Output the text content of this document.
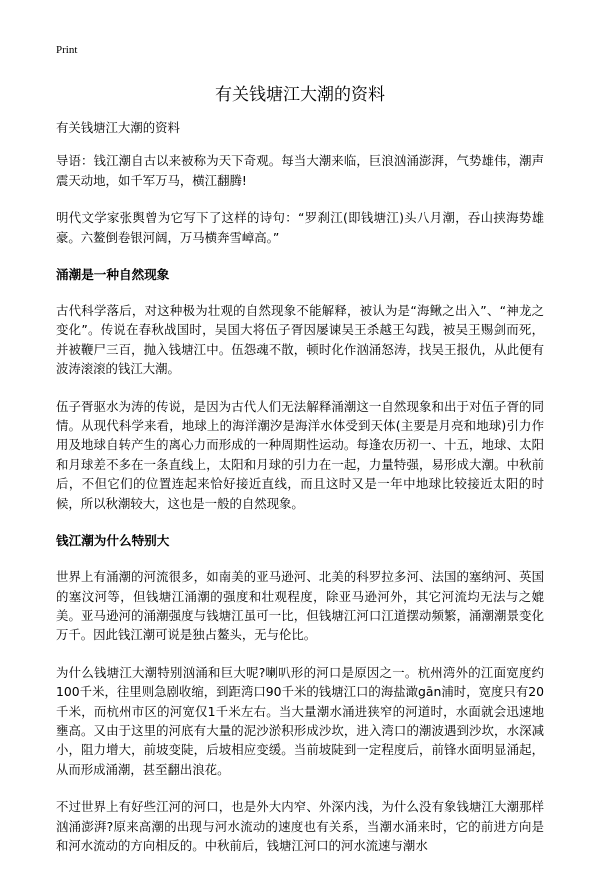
Print
有关钱塘江大潮的资料

有关钱塘江大潮的资料

导语：钱江潮自古以来被称为天下奇观。每当大潮来临，巨浪汹涌澎湃，气势雄伟，潮声震天动地，如千军万马，横江翻腾!

明代文学家张舆曾为它写下了这样的诗句：“罗刹江(即钱塘江)头八月潮，吞山挟海势雄豪。六鳌倒卷银河阔，万马横奔雪嶂高。”

涌潮是一种自然现象

古代科学落后，对这种极为壮观的自然现象不能解释，被认为是“海鳅之出入”、“神龙之变化”。传说在春秋战国时，吴国大将伍子胥因屡谏吴王杀越王勾践，被吴王赐剑而死，并被鞭尸三百，抛入钱塘江中。伍怨魂不散，顿时化作汹涌怒涛，找吴王报仇，从此便有波涛滚滚的钱江大潮。

伍子胥驱水为涛的传说，是因为古代人们无法解释涌潮这一自然现象和出于对伍子胥的同情。从现代科学来看，地球上的海洋潮汐是海洋水体受到天体(主要是月亮和地球)引力作用及地球自转产生的离心力而形成的一种周期性运动。每逢农历初一、十五，地球、太阳和月球差不多在一条直线上，太阳和月球的引力在一起，力量特强，易形成大潮。中秋前后，不但它们的位置连起来恰好接近直线，而且这时又是一年中地球比较接近太阳的时候，所以秋潮较大，这也是一般的自然现象。

钱江潮为什么特别大

世界上有涌潮的河流很多，如南美的亚马逊河、北美的科罗拉多河、法国的塞纳河、英国的塞汶河等，但钱塘江涌潮的强度和壮观程度，除亚马逊河外，其它河流均无法与之媲美。亚马逊河的涌潮强度与钱塘江虽可一比，但钱塘江河口江道摆动频繁，涌潮潮景变化万千。因此钱江潮可说是独占鳌头，无与伦比。

为什么钱塘江大潮特别汹涌和巨大呢?喇叭形的河口是原因之一。杭州湾外的江面宽度约100千米，往里则急剧收缩，到距湾口90千米的钱塘江口的海盐澉gān浦时，宽度只有20千米，而杭州市区的河宽仅1千米左右。当大量潮水涌进狭窄的河道时，水面就会迅速地壅高。又由于这里的河底有大量的泥沙淤积形成沙坎，进入湾口的潮波遇到沙坎，水深减小，阻力增大，前坡变陡，后坡相应变缓。当前坡陡到一定程度后，前锋水面明显涌起，从而形成涌潮，甚至翻出浪花。

不过世界上有好些江河的河口，也是外大内窄、外深内浅，为什么没有象钱塘江大潮那样汹涌澎湃?原来高潮的出现与河水流动的速度也有关系，当潮水涌来时，它的前进方向是和河水流动的方向相反的。中秋前后，钱塘江河口的河水流速与潮水
